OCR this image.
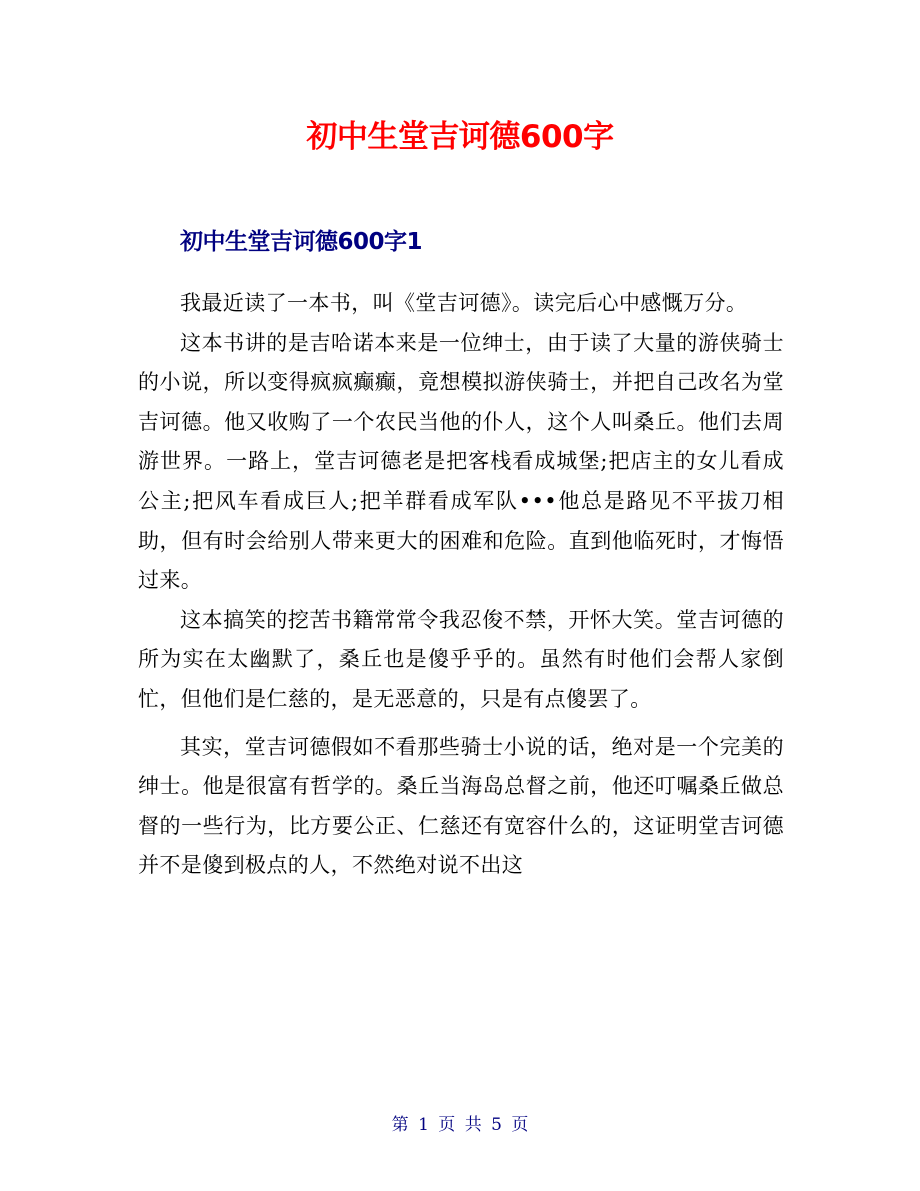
初中生堂吉诃德600字
初中生堂吉诃德600字1

我最近读了一本书，叫《堂吉诃德》。读完后心中感慨万分。

这本书讲的是吉哈诺本来是一位绅士，由于读了大量的游侠骑士的小说，所以变得疯疯癫癫，竟想模拟游侠骑士，并把自己改名为堂吉诃德。他又收购了一个农民当他的仆人，这个人叫桑丘。他们去周游世界。一路上，堂吉诃德老是把客栈看成城堡;把店主的女儿看成公主;把风车看成巨人;把羊群看成军队•••他总是路见不平拔刀相助，但有时会给别人带来更大的困难和危险。直到他临死时，才悔悟过来。

这本搞笑的挖苦书籍常常令我忍俊不禁，开怀大笑。堂吉诃德的所为实在太幽默了，桑丘也是傻乎乎的。虽然有时他们会帮人家倒忙，但他们是仁慈的，是无恶意的，只是有点傻罢了。

其实，堂吉诃德假如不看那些骑士小说的话，绝对是一个完美的绅士。他是很富有哲学的。桑丘当海岛总督之前，他还叮嘱桑丘做总督的一些行为，比方要公正、仁慈还有宽容什么的，这证明堂吉诃德并不是傻到极点的人，不然绝对说不出这

第 1 页 共 5 页
